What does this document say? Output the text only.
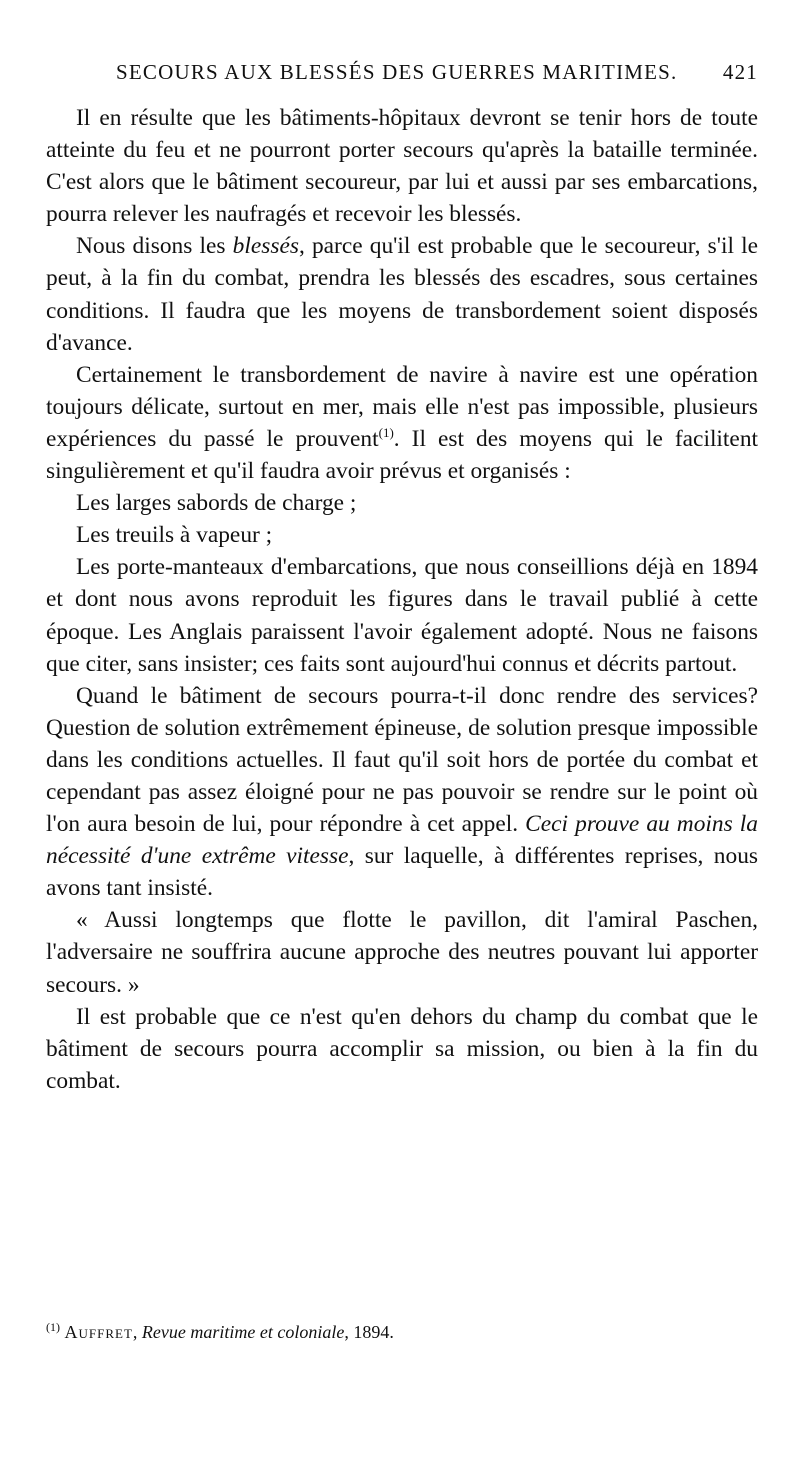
SECOURS AUX BLESSÉS DES GUERRES MARITIMES. 421

Il en résulte que les bâtiments-hôpitaux devront se tenir hors de toute atteinte du feu et ne pourront porter secours qu'après la bataille terminée. C'est alors que le bâtiment secoureur, par lui et aussi par ses embarcations, pourra relever les naufragés et recevoir les blessés.

Nous disons les blessés, parce qu'il est probable que le secoureur, s'il le peut, à la fin du combat, prendra les blessés des escadres, sous certaines conditions. Il faudra que les moyens de transbordement soient disposés d'avance.

Certainement le transbordement de navire à navire est une opération toujours délicate, surtout en mer, mais elle n'est pas impossible, plusieurs expériences du passé le prouvent$^{(1)}$. Il est des moyens qui le facilitent singulièrement et qu'il faudra avoir prévus et organisés :

Les larges sabords de charge ;

Les treuils à vapeur ;

Les porte-manteaux d'embarcations, que nous conseillions déjà en 1894 et dont nous avons reproduit les figures dans le travail publié à cette époque. Les Anglais paraissent l'avoir également adopté. Nous ne faisons que citer, sans insister; ces faits sont aujourd'hui connus et décrits partout.

Quand le bâtiment de secours pourra-t-il donc rendre des services? Question de solution extrêmement épineuse, de solution presque impossible dans les conditions actuelles. Il faut qu'il soit hors de portée du combat et cependant pas assez éloigné pour ne pas pouvoir se rendre sur le point où l'on aura besoin de lui, pour répondre à cet appel. Ceci prouve au moins la nécessité d'une extrême vitesse, sur laquelle, à différentes reprises, nous avons tant insisté.

« Aussi longtemps que flotte le pavillon, dit l'amiral Paschen, l'adversaire ne souffrira aucune approche des neutres pouvant lui apporter secours. »

Il est probable que ce n'est qu'en dehors du champ du combat que le bâtiment de secours pourra accomplir sa mission, ou bien à la fin du combat.

$^{(1)}$ Auffret, Revue maritime et coloniale, 1894.
